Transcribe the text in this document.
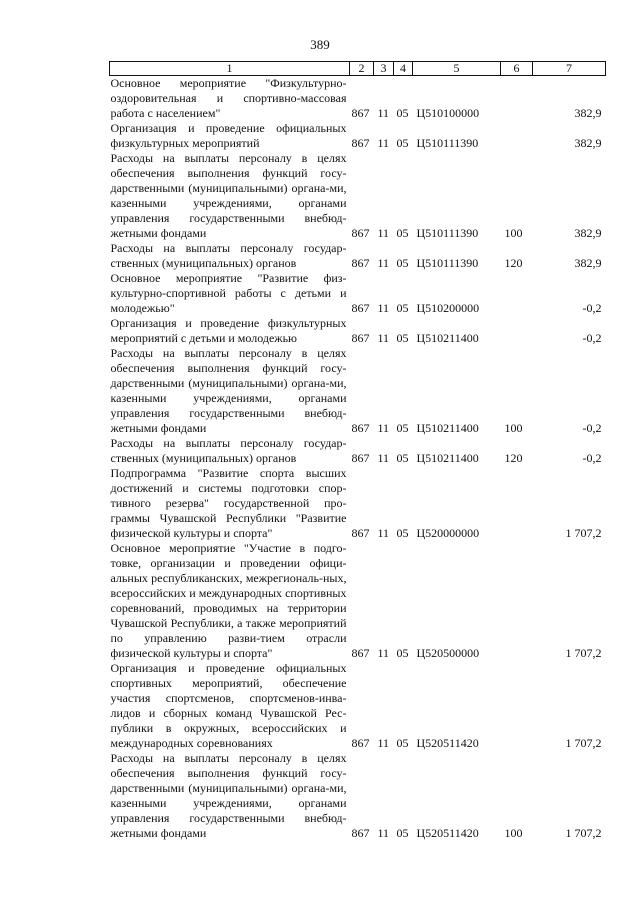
389
1	2	3	4	5	6	7
Основное мероприятие "Физкультурно-оздоровительная и спортивно-массовая работа с населением"	867	11	05	Ц510100000		382,9
Организация и проведение официальных физкультурных мероприятий	867	11	05	Ц510111390		382,9
Расходы на выплаты персоналу в целях обеспечения выполнения функций госу-дарственными (муниципальными) органа-ми, казенными учреждениями, органами управления государственными внебюд-жетными фондами	867	11	05	Ц510111390	100	382,9
Расходы на выплаты персоналу государ-ственных (муниципальных) органов	867	11	05	Ц510111390	120	382,9
Основное мероприятие "Развитие физ-культурно-спортивной работы с детьми и молодежью"	867	11	05	Ц510200000		-0,2
Организация и проведение физкультурных мероприятий с детьми и молодежью	867	11	05	Ц510211400		-0,2
Расходы на выплаты персоналу в целях обеспечения выполнения функций госу-дарственными (муниципальными) органа-ми, казенными учреждениями, органами управления государственными внебюд-жетными фондами	867	11	05	Ц510211400	100	-0,2
Расходы на выплаты персоналу государ-ственных (муниципальных) органов	867	11	05	Ц510211400	120	-0,2
Подпрограмма "Развитие спорта высших достижений и системы подготовки спор-тивного резерва" государственной про-граммы Чувашской Республики "Развитие физической культуры и спорта"	867	11	05	Ц520000000		1 707,2
Основное мероприятие "Участие в подго-товке, организации и проведении офици-альных республиканских, межрегиональ-ных, всероссийских и международных спортивных соревнований, проводимых на территории Чувашской Республики, а также мероприятий по управлению разви-тием отрасли физической культуры и спорта"	867	11	05	Ц520500000		1 707,2
Организация и проведение официальных спортивных мероприятий, обеспечение участия спортсменов, спортсменов-инва-лидов и сборных команд Чувашской Рес-публики в окружных, всероссийских и международных соревнованиях	867	11	05	Ц520511420		1 707,2
Расходы на выплаты персоналу в целях обеспечения выполнения функций госу-дарственными (муниципальными) органа-ми, казенными учреждениями, органами управления государственными внебюд-жетными фондами	867	11	05	Ц520511420	100	1 707,2
